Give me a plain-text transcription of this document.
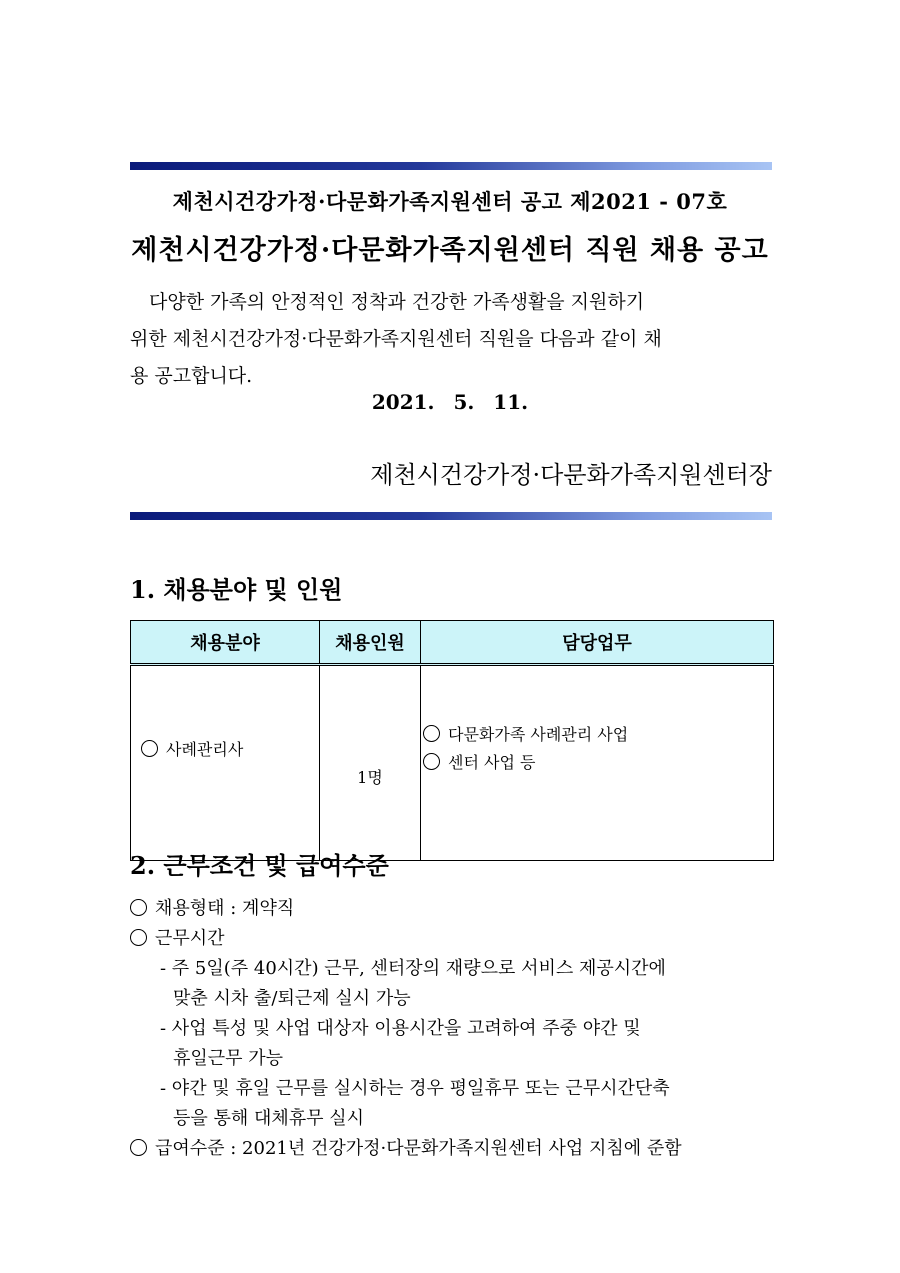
제천시건강가정·다문화가족지원센터 공고 제2021 - 07호
제천시건강가정·다문화가족지원센터 직원 채용 공고

다양한 가족의 안정적인 정착과 건강한 가족생활을 지원하기

위한 제천시건강가정·다문화가족지원센터 직원을 다음과 같이 채

용 공고합니다.

2021. 5. 11.
제천시건강가정·다문화가족지원센터장
1. 채용분야 및 인원
채용분야	채용인원	담당업무
사례관리사	1명	다문화가족 사례관리 사업
센터 사업 등
2. 근무조건 및 급여수준
채용형태 : 계약직
근무시간
- 주 5일(주 40시간) 근무, 센터장의 재량으로 서비스 제공시간에
맞춘 시차 출/퇴근제 실시 가능
- 사업 특성 및 사업 대상자 이용시간을 고려하여 주중 야간 및
휴일근무 가능
- 야간 및 휴일 근무를 실시하는 경우 평일휴무 또는 근무시간단축
등을 통해 대체휴무 실시
급여수준 : 2021년 건강가정·다문화가족지원센터 사업 지침에 준함
